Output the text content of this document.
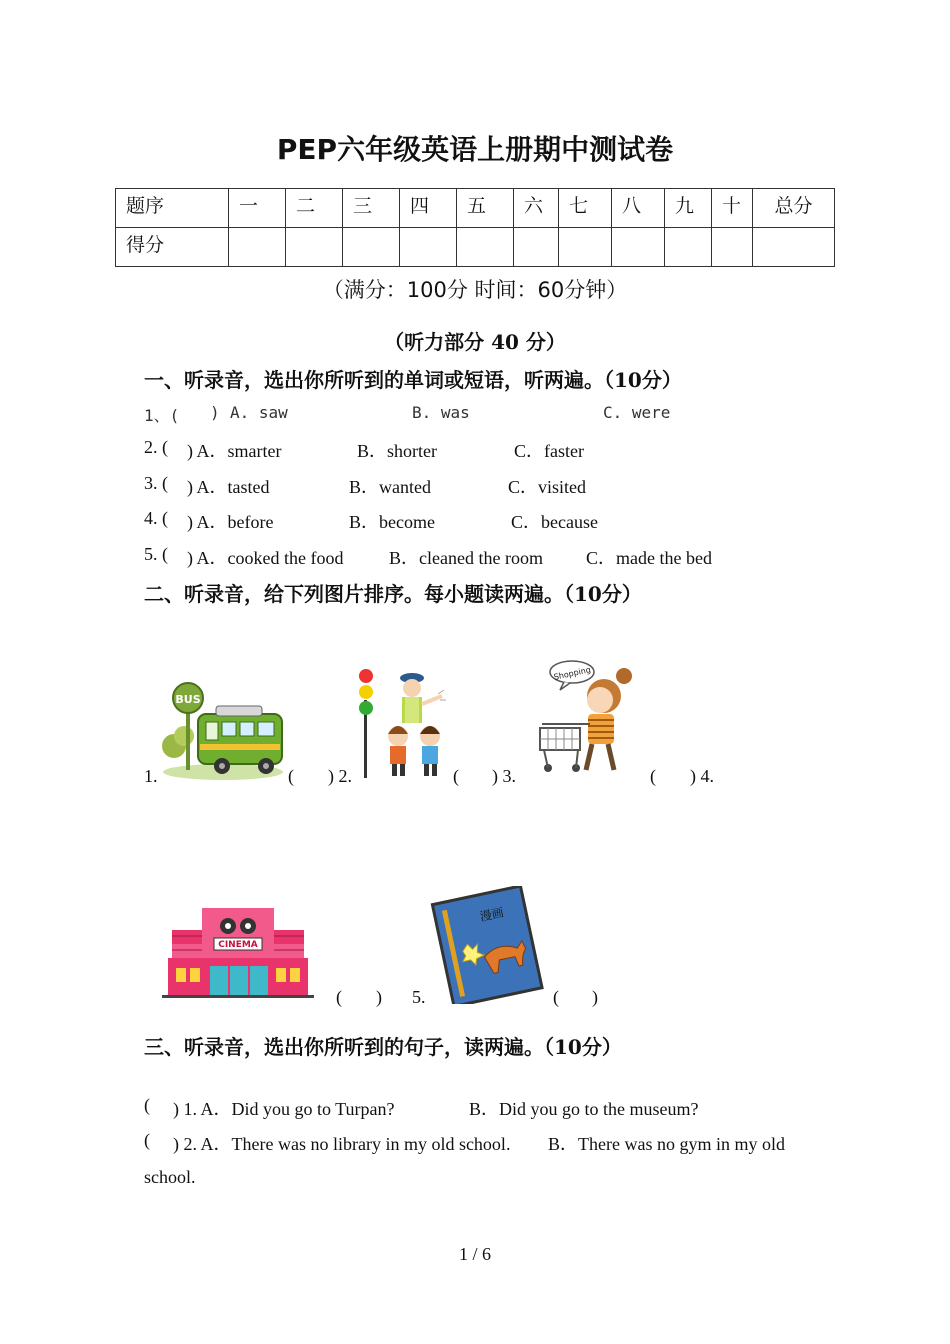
PEP六年级英语上册期中测试卷
题序	一	二	三	四	五	六	七	八	九	十	总分
得分											
（满分：100分 时间：60分钟）
（听力部分 40 分）
一、听录音，选出你所听到的单词或短语，听两遍。（10分）
1、( ) A. saw	B. was	C. were
2. ( ) A．smarter	B．shorter	C．faster
3. ( ) A．tasted	B．wanted	C．visited
4. ( ) A．before	B．become	C．because
5. ( ) A．cooked the food	B．cleaned the room C．made the bed
二、听录音，给下列图片排序。每小题读两遍。（10分）
BUS
Shopping
1.	( ) 2.	( ) 3.	( ) 4.
CINEMA
漫画
( ) 5.	( )
三、听录音，选出你所听到的句子，读两遍。（10分）
( ) 1. A．Did you go to Turpan?	B．Did you go to the museum?
( ) 2. A．There was no library in my old school. B．There was no gym in my old
school.
1 / 6
